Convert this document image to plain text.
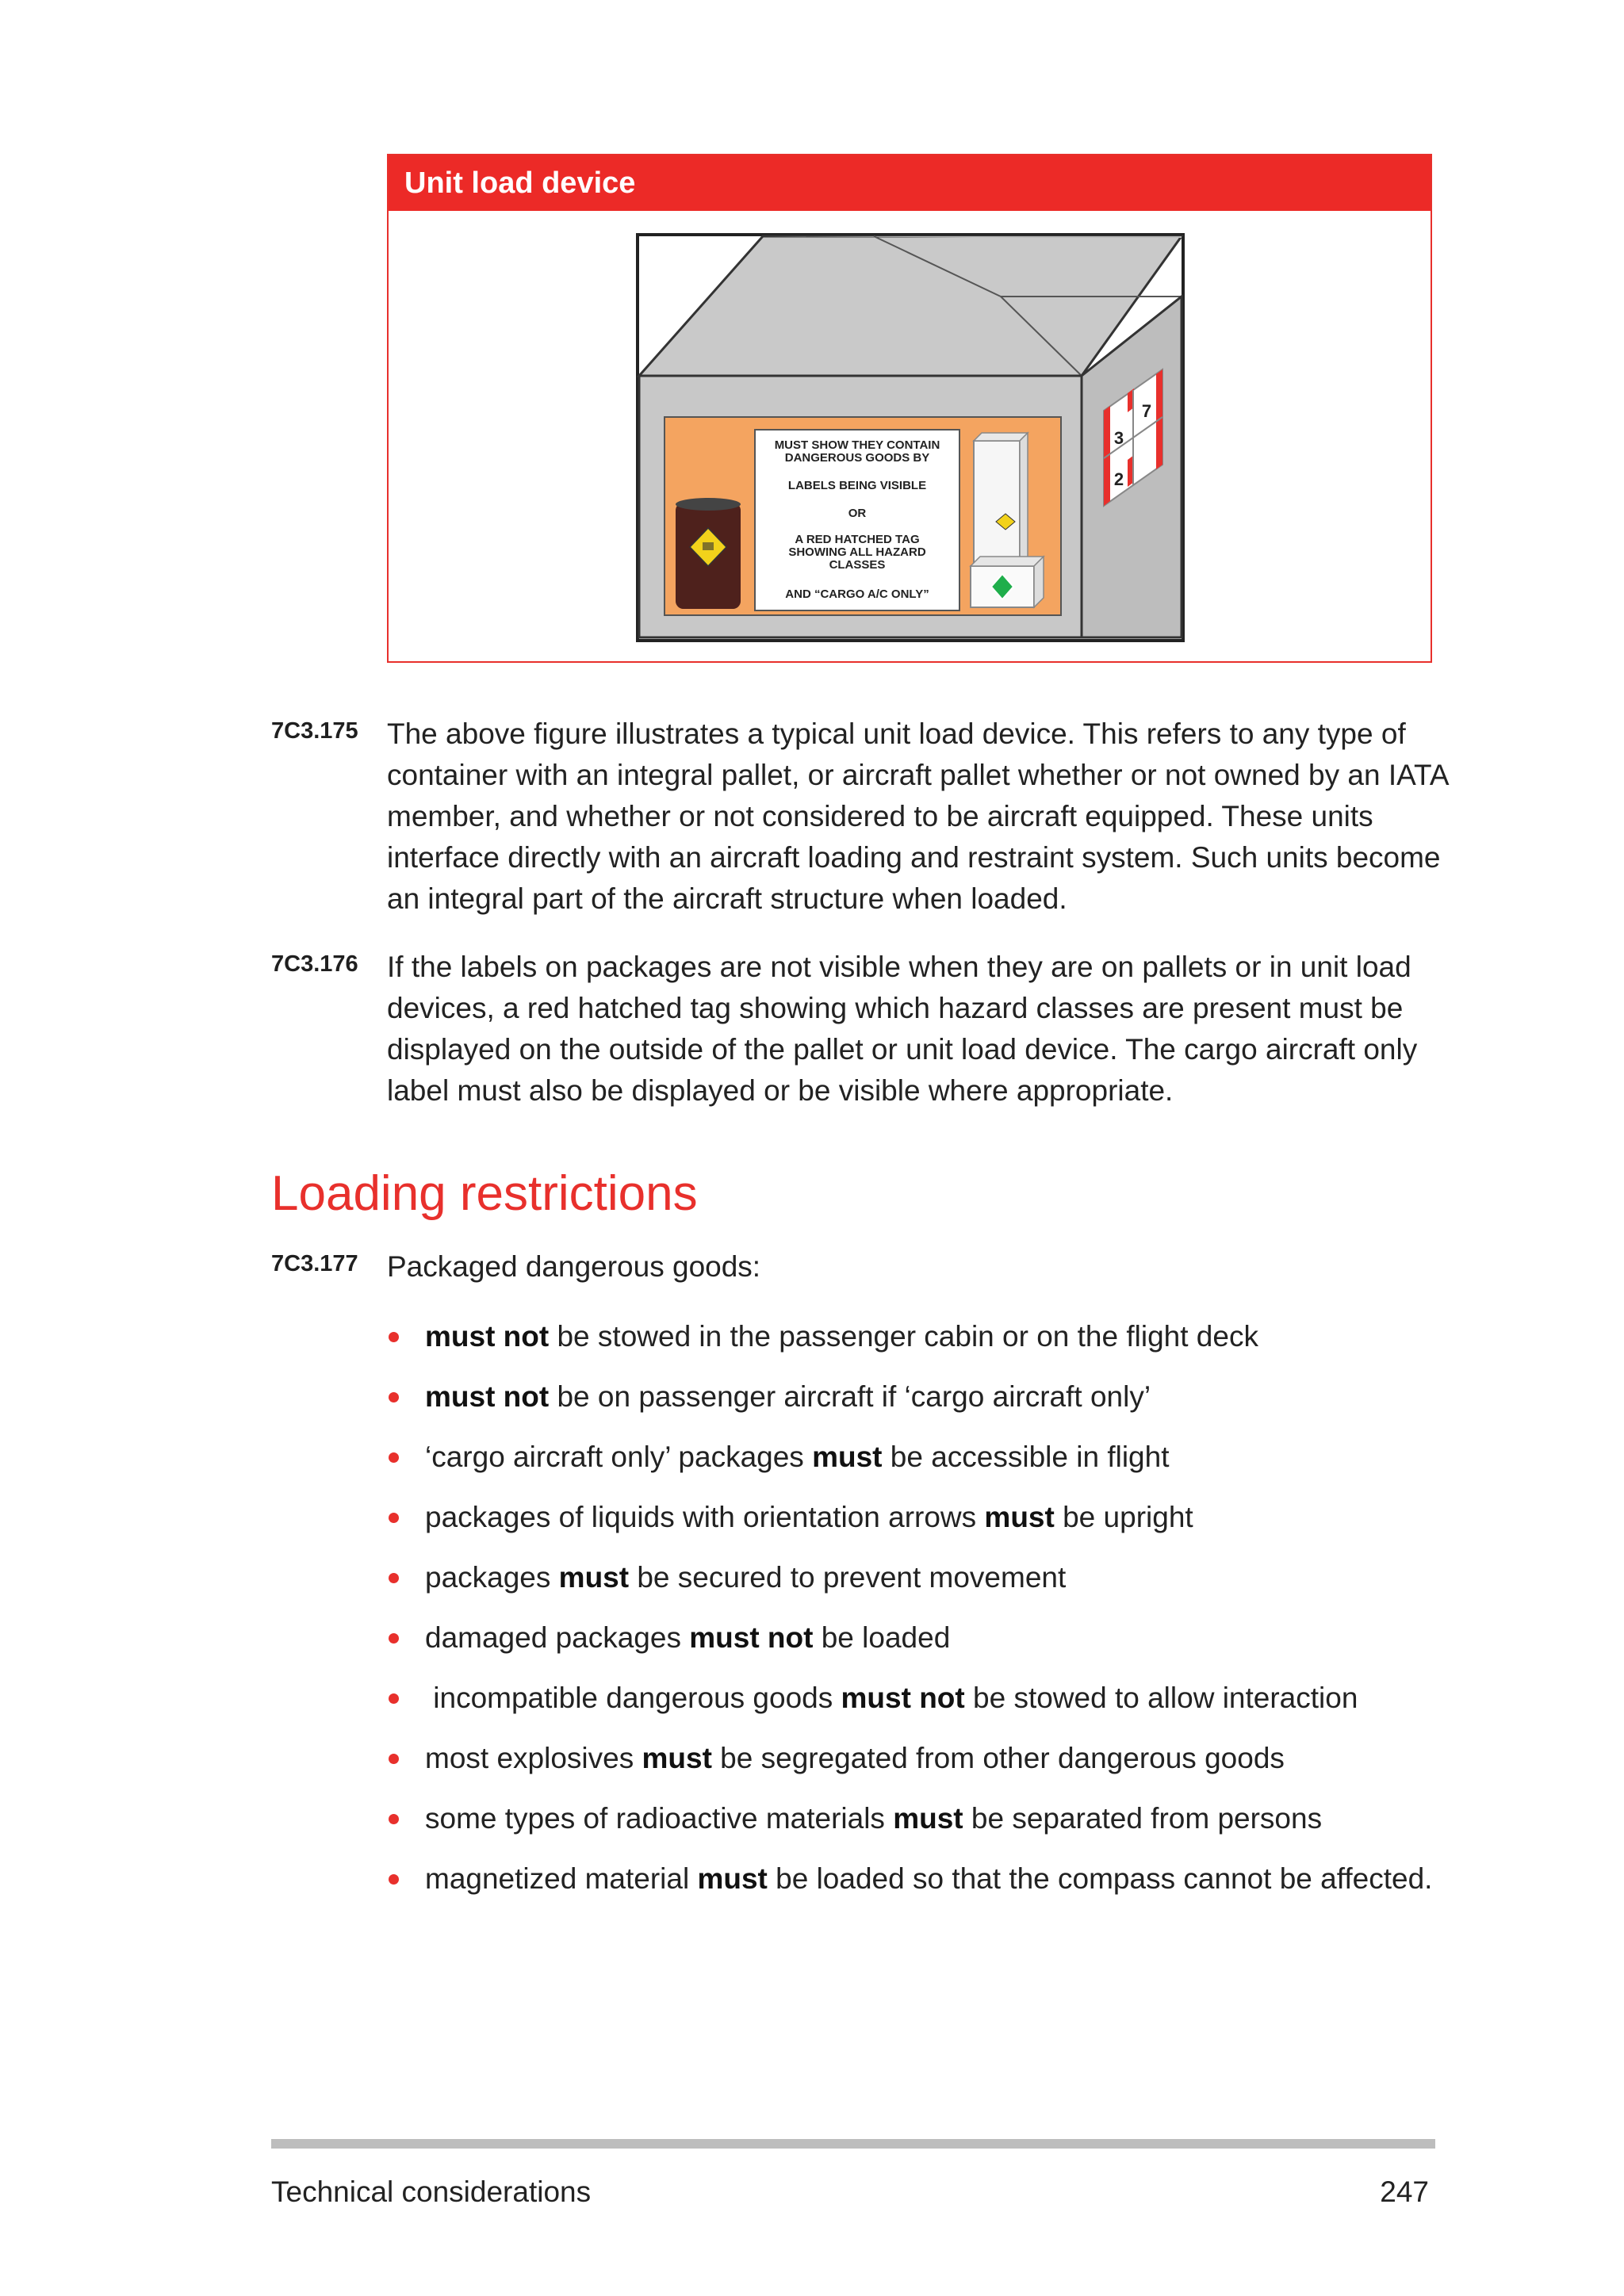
Unit load device
MUST SHOW THEY CONTAIN
DANGEROUS GOODS BY
LABELS BEING VISIBLE
OR
A RED HATCHED TAG
SHOWING ALL HAZARD
CLASSES
AND “CARGO A/C ONLY”
7
3
2
7C3.175 The above figure illustrates a typical unit load device. This refers to any type of container with an integral pallet, or aircraft pallet whether or not owned by an IATA member, and whether or not considered to be aircraft equipped. These units interface directly with an aircraft loading and restraint system. Such units become an integral part of the aircraft structure when loaded.
7C3.176 If the labels on packages are not visible when they are on pallets or in unit load devices, a red hatched tag showing which hazard classes are present must be displayed on the outside of the pallet or unit load device. The cargo aircraft only label must also be displayed or be visible where appropriate.
Loading restrictions
7C3.177 Packaged dangerous goods:
must not be stowed in the passenger cabin or on the flight deck
must not be on passenger aircraft if ‘cargo aircraft only’
‘cargo aircraft only’ packages must be accessible in flight
packages of liquids with orientation arrows must be upright
packages must be secured to prevent movement
damaged packages must not be loaded
incompatible dangerous goods must not be stowed to allow interaction
most explosives must be segregated from other dangerous goods
some types of radioactive materials must be separated from persons
magnetized material must be loaded so that the compass cannot be affected.
Technical considerations	247
